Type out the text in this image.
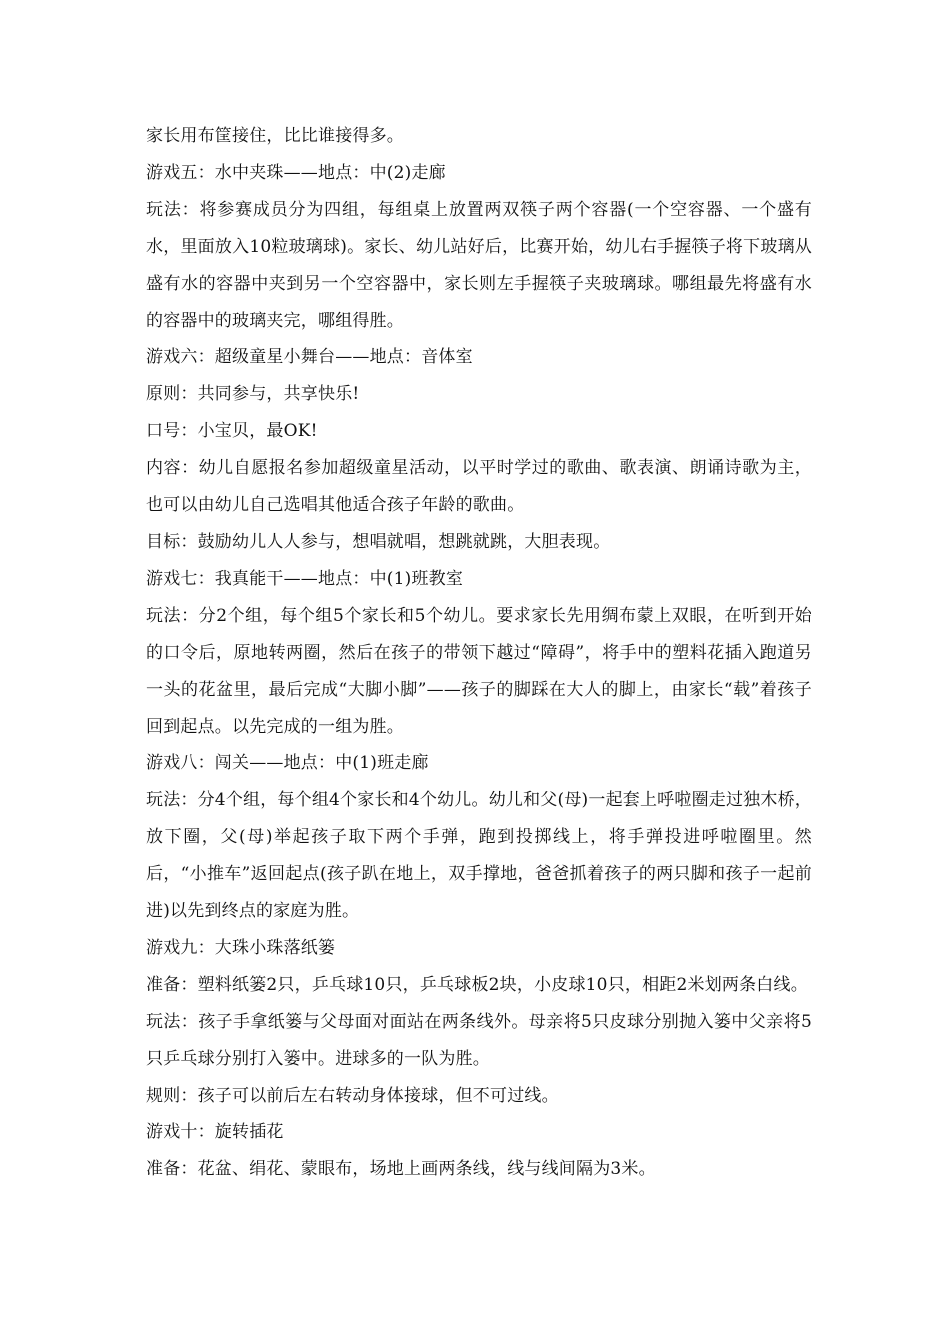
家长用布筐接住，比比谁接得多。

游戏五：水中夹珠——地点：中(2)走廊

玩法：将参赛成员分为四组，每组桌上放置两双筷子两个容器(一个空容器、一个盛有水，里面放入10粒玻璃球)。家长、幼儿站好后，比赛开始，幼儿右手握筷子将下玻璃从盛有水的容器中夹到另一个空容器中，家长则左手握筷子夹玻璃球。哪组最先将盛有水的容器中的玻璃夹完，哪组得胜。

游戏六：超级童星小舞台——地点：音体室

原则：共同参与，共享快乐!

口号：小宝贝，最OK!

内容：幼儿自愿报名参加超级童星活动，以平时学过的歌曲、歌表演、朗诵诗歌为主，也可以由幼儿自己选唱其他适合孩子年龄的歌曲。

目标：鼓励幼儿人人参与，想唱就唱，想跳就跳，大胆表现。

游戏七：我真能干——地点：中(1)班教室

玩法：分2个组，每个组5个家长和5个幼儿。要求家长先用绸布蒙上双眼，在听到开始的口令后，原地转两圈，然后在孩子的带领下越过“障碍”，将手中的塑料花插入跑道另一头的花盆里，最后完成“大脚小脚”——孩子的脚踩在大人的脚上，由家长“载”着孩子回到起点。以先完成的一组为胜。

游戏八：闯关——地点：中(1)班走廊

玩法：分4个组，每个组4个家长和4个幼儿。幼儿和父(母)一起套上呼啦圈走过独木桥，放下圈，父(母)举起孩子取下两个手弹，跑到投掷线上，将手弹投进呼啦圈里。然后，“小推车”返回起点(孩子趴在地上，双手撑地，爸爸抓着孩子的两只脚和孩子一起前进)以先到终点的家庭为胜。

游戏九：大珠小珠落纸篓

准备：塑料纸篓2只，乒乓球10只，乒乓球板2块，小皮球10只，相距2米划两条白线。

玩法：孩子手拿纸篓与父母面对面站在两条线外。母亲将5只皮球分别抛入篓中父亲将5只乒乓球分别打入篓中。进球多的一队为胜。

规则：孩子可以前后左右转动身体接球，但不可过线。

游戏十：旋转插花

准备：花盆、绢花、蒙眼布，场地上画两条线，线与线间隔为3米。
